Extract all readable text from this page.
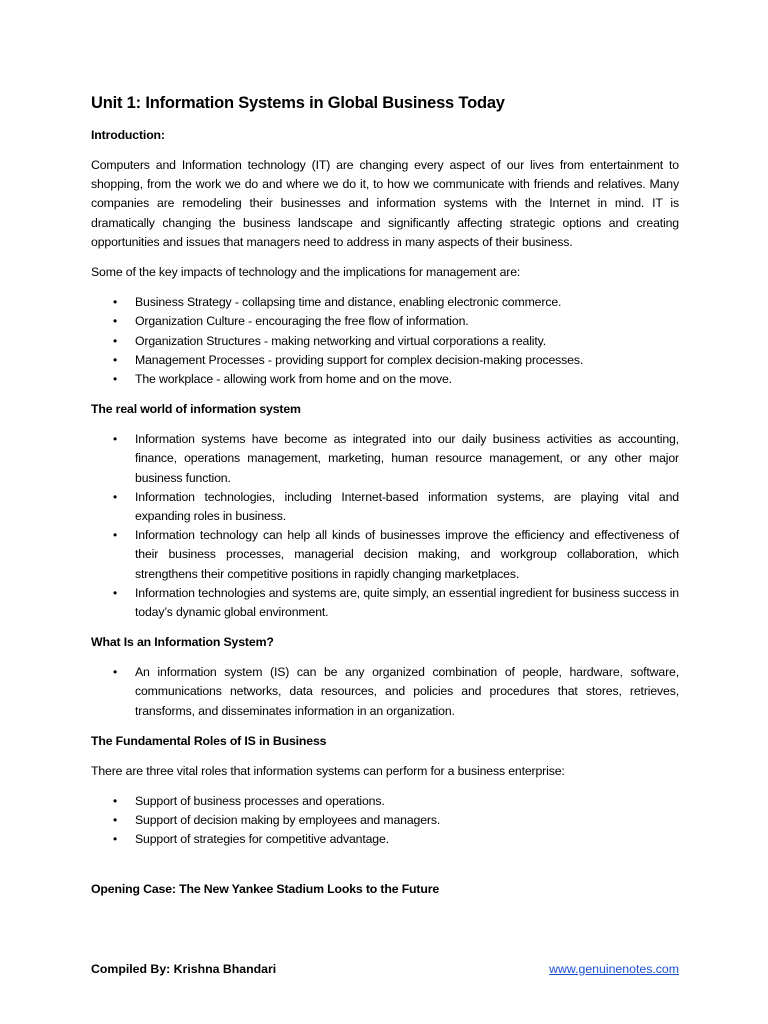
Unit 1: Information Systems in Global Business Today
Introduction:

Computers and Information technology (IT) are changing every aspect of our lives from entertainment to shopping, from the work we do and where we do it, to how we communicate with friends and relatives. Many companies are remodeling their businesses and information systems with the Internet in mind. IT is dramatically changing the business landscape and significantly affecting strategic options and creating opportunities and issues that managers need to address in many aspects of their business.

Some of the key impacts of technology and the implications for management are:

• Business Strategy - collapsing time and distance, enabling electronic commerce.
• Organization Culture - encouraging the free flow of information.
• Organization Structures - making networking and virtual corporations a reality.
• Management Processes - providing support for complex decision-making processes.
• The workplace - allowing work from home and on the move.
The real world of information system
• Information systems have become as integrated into our daily business activities as accounting, finance, operations management, marketing, human resource management, or any other major business function.
• Information technologies, including Internet-based information systems, are playing vital and expanding roles in business.
• Information technology can help all kinds of businesses improve the efficiency and effectiveness of their business processes, managerial decision making, and workgroup collaboration, which strengthens their competitive positions in rapidly changing marketplaces.
• Information technologies and systems are, quite simply, an essential ingredient for business success in today’s dynamic global environment.
What Is an Information System?
• An information system (IS) can be any organized combination of people, hardware, software, communications networks, data resources, and policies and procedures that stores, retrieves, transforms, and disseminates information in an organization.
The Fundamental Roles of IS in Business

There are three vital roles that information systems can perform for a business enterprise:

• Support of business processes and operations.
• Support of decision making by employees and managers.
• Support of strategies for competitive advantage.
Opening Case: The New Yankee Stadium Looks to the Future
Compiled By: Krishna Bhandari	www.genuinenotes.com
